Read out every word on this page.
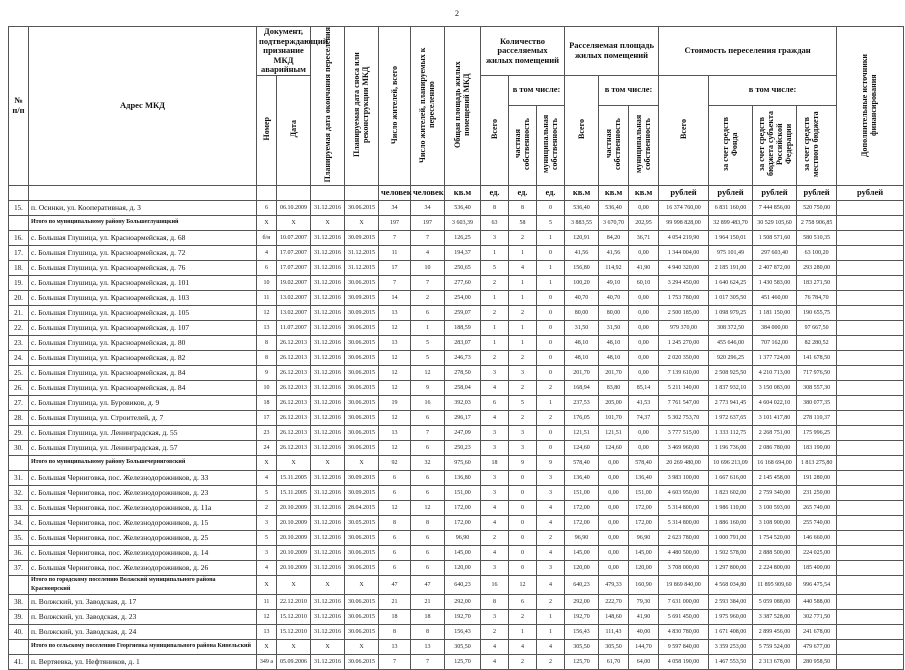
2
№ п/п	Адрес МКД	Документ, подтверждающий признание МКД аварийным		Планируемая дата окончания переселения	Планируемая дата сноса или реконструкции МКД	Число жителей, всего	Число жителей, планируемых к переселению	Общая площадь жилых помещений МКД	Количество расселяемых жилых помещений			Расселяемая площадь жилых помещений			Стоимость переселения граждан				Дополнительные источники финансирования
		Номер	Дата						Всего	в том числе:		Всего	в том числе:		Всего	в том числе:			
										частная собственность	муниципальная собственность		частная собственность	муниципальная собственность		за счет средств Фонда	за счет средств бюджета субъекта Российской Федерации	за счет средств местного бюджета	
						человек	человек	кв.м	ед.	ед.	ед.	кв.м	кв.м	кв.м	рублей	рублей	рублей	рублей	рублей
15.	п. Осинки, ул. Кооперативная, д. 3	6	06.10.2009	31.12.2016	30.06.2015	34	34	536,40	8	8	0	536,40	536,40	0,00	16 374 760,00	6 831 160,00	7 444 856,00	520 750,00	
	Итого по муниципальному району Большеглушицкий	X	X	X	X	197	197	3 603,39	63	58	5	3 883,55	3 670,70	202,95	99 998 828,00	32 899 483,70	30 529 105,60	2 758 906,85	
16.	с. Большая Глушица, ул. Красноармейская, д. 68	б/н	10.07.2007	31.12.2016	30.09.2015	7	7	126,25	3	2	1	120,91	84,20	36,71	4 054 219,90	1 964 150,01	1 508 571,60	580 510,35	
17.	с. Большая Глушица, ул. Красноармейская, д. 72	4	17.07.2007	31.12.2016	31.12.2015	11	4	194,37	1	1	0	41,56	41,56	0,00	1 344 004,00	975 101,49	297 603,40	63 100,20	
18.	с. Большая Глушица, ул. Красноармейская, д. 76	6	17.07.2007	31.12.2016	31.12.2015	17	10	250,65	5	4	1	156,80	114,92	41,90	4 940 320,00	2 185 191,00	2 407 872,00	293 280,00	
19.	с. Большая Глушица, ул. Красноармейская, д. 101	10	19.02.2007	31.12.2016	30.06.2015	7	7	277,60	2	1	1	100,20	49,10	60,10	3 294 450,00	1 640 624,25	1 430 583,00	183 271,50	
20.	с. Большая Глушица, ул. Красноармейская, д. 103	11	13.02.2007	31.12.2016	30.09.2015	14	2	254,00	1	1	0	40,70	40,70	0,00	1 753 780,00	1 017 305,50	451 460,00	76 784,70	
21.	с. Большая Глушица, ул. Красноармейская, д. 105	12	13.02.2007	31.12.2016	30.09.2015	13	6	259,07	2	2	0	80,00	80,00	0,00	2 500 185,00	1 098 979,25	1 181 150,00	190 655,75	
22.	с. Большая Глушица, ул. Красноармейская, д. 107	13	11.07.2007	31.12.2016	30.06.2015	12	1	188,59	1	1	0	31,50	31,50	0,00	979 370,00	308 372,50	384 000,00	97 667,50	
23.	с. Большая Глушица, ул. Красноармейская, д. 80	8	26.12.2013	31.12.2016	30.06.2015	13	5	283,07	1	1	0	48,10	48,10	0,00	1 245 270,00	455 646,00	707 162,00	82 280,52	
24.	с. Большая Глушица, ул. Красноармейская, д. 82	8	26.12.2013	31.12.2016	30.06.2015	12	5	246,73	2	2	0	48,10	48,10	0,00	2 020 350,00	920 296,25	1 377 724,00	141 678,50	
25.	с. Большая Глушица, ул. Красноармейская, д. 84	9	26.12.2013	31.12.2016	30.06.2015	12	12	278,50	3	3	0	201,70	201,70	0,00	7 139 610,00	2 508 925,50	4 210 713,00	717 976,50	
26.	с. Большая Глушица, ул. Красноармейская, д. 84	10	26.12.2013	31.12.2016	30.06.2015	12	9	258,04	4	2	2	168,94	83,80	85,14	5 211 140,00	1 837 932,10	3 150 083,00	308 557,30	
27.	с. Большая Глушица, ул. Буровиков, д. 9	18	26.12.2013	31.12.2016	30.06.2015	19	16	392,03	6	5	1	237,53	205,00	41,53	7 761 547,00	2 773 941,45	4 604 022,10	380 077,35	
28.	с. Большая Глушица, ул. Строителей, д. 7	17	26.12.2013	31.12.2016	30.06.2015	12	6	296,17	4	2	2	176,05	101,70	74,37	5 302 753,70	1 972 637,65	3 101 417,80	278 110,37	
29.	с. Большая Глушица, ул. Ленинградская, д. 55	23	26.12.2013	31.12.2016	30.06.2015	13	7	247,09	3	3	0	121,51	121,51	0,00	3 777 515,00	1 333 112,75	2 268 751,00	175 996,25	
30.	с. Большая Глушица, ул. Ленинградская, д. 57	24	26.12.2013	31.12.2016	30.06.2015	12	6	250,23	3	3	0	124,60	124,60	0,00	3 469 960,00	1 196 736,00	2 086 780,00	183 190,00	
	Итого по муниципальному району Большечерниговский	X	X	X	X	92	32	975,60	18	9	9	578,40	0,00	578,40	20 269 480,00	10 696 213,09	16 168 694,00	1 813 275,80	
31.	с. Большая Черниговка, пос. Железнодорожников, д. 33	4	15.11.2005	31.12.2016	30.09.2015	6	6	136,80	3	0	3	136,40	0,00	136,40	3 983 100,00	1 667 616,00	2 145 458,00	191 280,00	
32.	с. Большая Черниговка, пос. Железнодорожников, д. 23	5	15.11.2005	31.12.2016	30.09.2015	6	6	151,00	3	0	3	151,00	0,00	151,00	4 603 950,00	1 823 602,00	2 759 340,00	231 250,00	
33.	с. Большая Черниговка, пос. Железнодорожников, д. 11а	2	20.10.2009	31.12.2016	28.04.2015	12	12	172,00	4	0	4	172,00	0,00	172,00	5 314 800,00	1 986 110,00	3 100 593,00	265 740,00	
34.	с. Большая Черниговка, пос. Железнодорожников, д. 15	3	20.10.2009	31.12.2016	30.05.2015	8	8	172,00	4	0	4	172,00	0,00	172,00	5 314 800,00	1 886 160,00	3 108 900,00	255 740,00	
35.	с. Большая Черниговка, пос. Железнодорожников, д. 25	5	20.10.2009	31.12.2016	30.06.2015	6	6	96,90	2	0	2	96,90	0,00	96,90	2 623 780,00	1 000 791,00	1 754 520,00	146 660,00	
36.	с. Большая Черниговка, пос. Железнодорожников, д. 14	3	20.10.2009	31.12.2016	30.06.2015	6	6	145,00	4	0	4	145,00	0,00	145,00	4 480 500,00	1 502 578,00	2 888 500,00	224 025,00	
37.	с. Большая Черниговка, пос. Железнодорожников, д. 26	4	20.10.2009	31.12.2016	30.06.2015	6	6	120,00	3	0	3	120,00	0,00	120,00	3 708 000,00	1 297 800,00	2 224 800,00	185 400,00	
	Итого по городскому поселению Волжский муниципального района Красноярский	X	X	X	X	47	47	640,23	16	12	4	640,23	479,33	160,90	19 869 840,00	4 568 034,80	11 895 909,60	996 475,54	
38.	п. Волжский, ул. Заводская, д. 17	11	22.12.2010	31.12.2016	30.06.2015	21	21	292,00	8	6	2	292,00	222,70	79,30	7 631 000,00	2 593 384,00	5 059 088,00	440 588,00	
39.	п. Волжский, ул. Заводская, д. 23	12	15.12.2010	31.12.2016	30.06.2015	18	18	192,70	3	2	1	192,70	148,60	41,90	5 691 450,00	1 975 960,00	3 387 528,00	302 771,50	
40.	п. Волжский, ул. Заводская, д. 24	13	15.12.2010	31.12.2016	30.06.2015	8	8	156,43	2	1	1	156,43	111,43	40,00	4 830 780,00	1 671 408,00	2 899 456,00	241 678,00	
	Итого по сельскому поселению Георгиевка муниципального района Кинельский	X	X	X	X	13	13	305,50	4	4	4	305,50	305,50	144,70	9 597 840,00	3 359 253,00	5 759 524,00	479 677,00	
41.	п. Вертяевка, ул. Нефтяников, д. 1	349 а	05.09.2006	31.12.2016	30.06.2015	7	7	125,70	4	2	2	125,70	61,70	64,00	4 058 190,00	1 467 553,50	2 313 678,00	280 958,50	
